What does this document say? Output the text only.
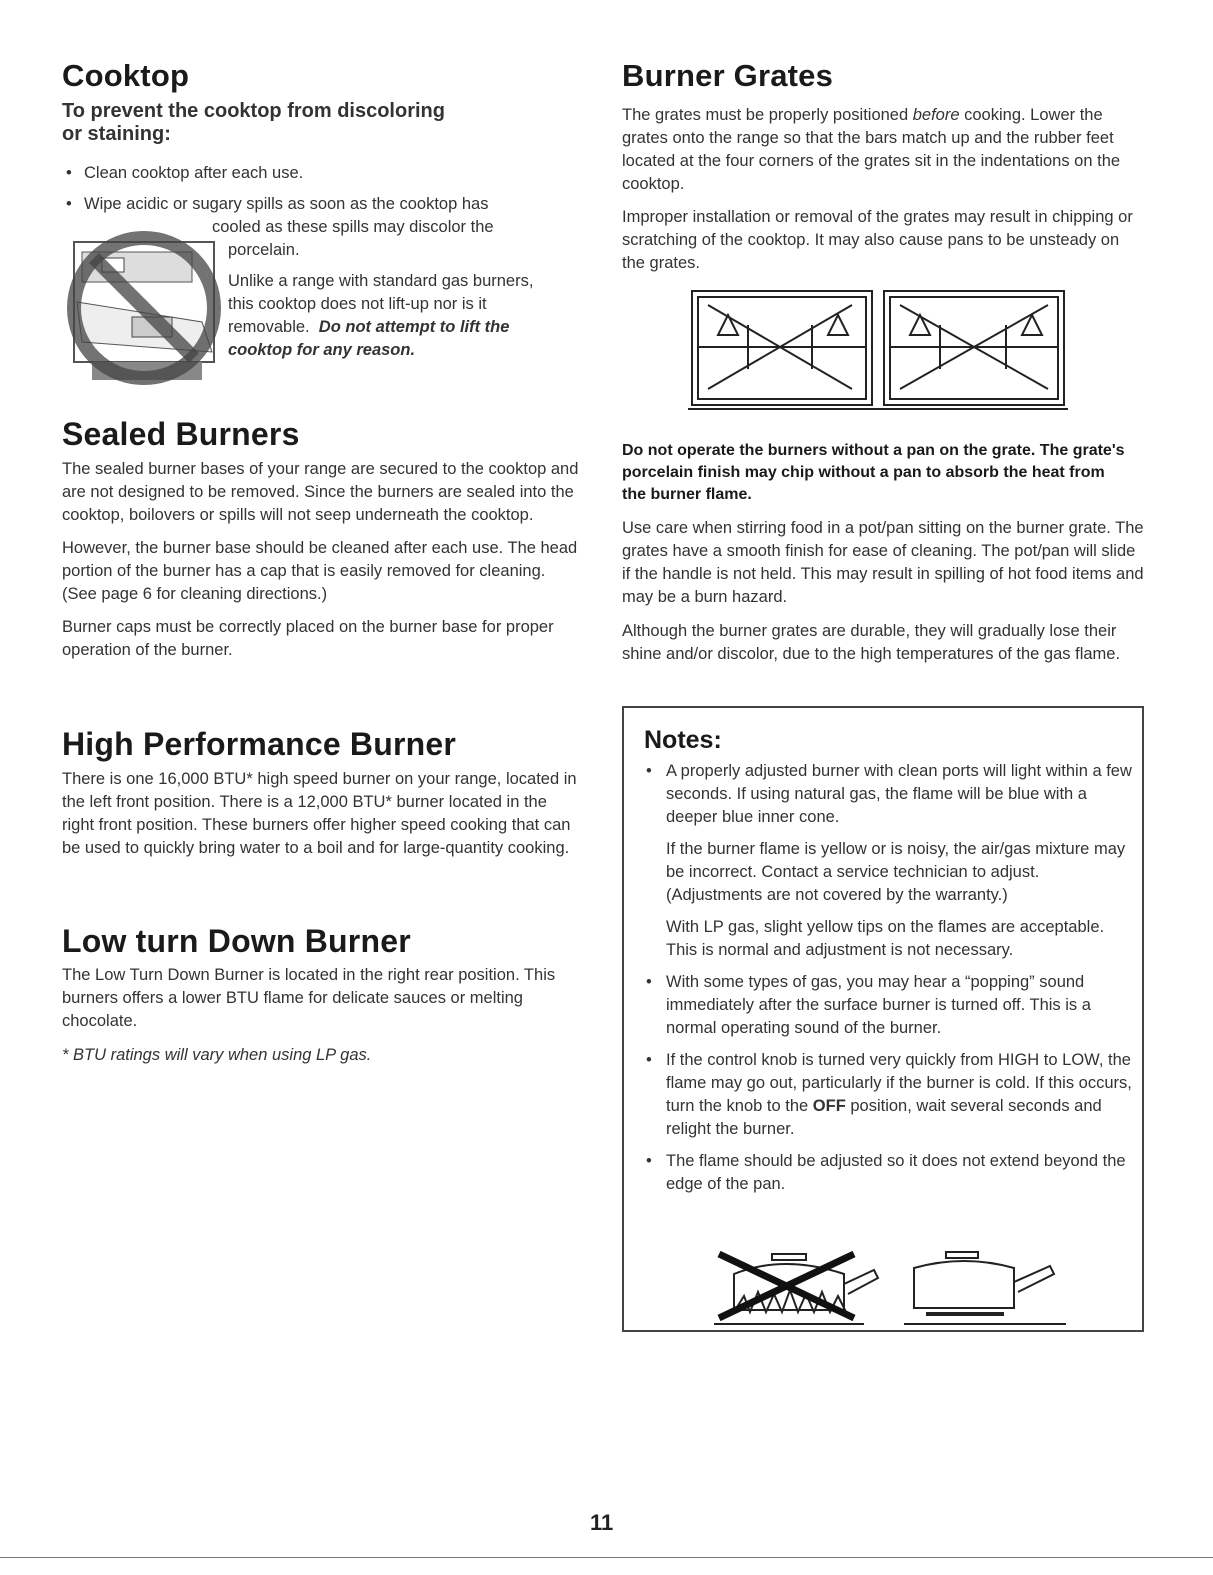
Cooktop

To prevent the cooktop from discoloring
or staining:

• Clean cooktop after each use.

• Wipe acidic or sugary spills as soon as the cooktop has

cooled as these spills may discolor the

porcelain.

Unlike a range with standard gas burners,
this cooktop does not lift-up nor is it
removable. Do not attempt to lift the
cooktop for any reason.

Sealed Burners

The sealed burner bases of your range are secured to the cooktop and are not designed to be removed. Since the burners are sealed into the cooktop, boilovers or spills will not seep underneath the cooktop.

However, the burner base should be cleaned after each use. The head portion of the burner has a cap that is easily removed for cleaning. (See page 6 for cleaning directions.)

Burner caps must be correctly placed on the burner base for proper operation of the burner.

High Performance Burner

There is one 16,000 BTU* high speed burner on your range, located in the left front position. There is a 12,000 BTU* burner located in the right front position. These burners offer higher speed cooking that can be used to quickly bring water to a boil and for large-quantity cooking.

Low turn Down Burner

The Low Turn Down Burner is located in the right rear position. This burners offers a lower BTU flame for delicate sauces or melting chocolate.

* BTU ratings will vary when using LP gas.

Burner Grates

The grates must be properly positioned before cooking. Lower the grates onto the range so that the bars match up and the rubber feet located at the four corners of the grates sit in the indentations on the cooktop.

Improper installation or removal of the grates may result in chipping or scratching of the cooktop. It may also cause pans to be unsteady on the grates.

Do not operate the burners without a pan on the grate. The grate's porcelain finish may chip without a pan to absorb the heat from the burner flame.

Use care when stirring food in a pot/pan sitting on the burner grate. The grates have a smooth finish for ease of cleaning. The pot/pan will slide if the handle is not held. This may result in spilling of hot food items and may be a burn hazard.

Although the burner grates are durable, they will gradually lose their shine and/or discolor, due to the high temperatures of the gas flame.

Notes:

• A properly adjusted burner with clean ports will light within a few seconds. If using natural gas, the flame will be blue with a deeper blue inner cone.

If the burner flame is yellow or is noisy, the air/gas mixture may be incorrect. Contact a service technician to adjust. (Adjustments are not covered by the warranty.)

With LP gas, slight yellow tips on the flames are acceptable. This is normal and adjustment is not necessary.

• With some types of gas, you may hear a “popping” sound immediately after the surface burner is turned off. This is a normal operating sound of the burner.

• If the control knob is turned very quickly from HIGH to LOW, the flame may go out, particularly if the burner is cold. If this occurs, turn the knob to the OFF position, wait several seconds and relight the burner.

• The flame should be adjusted so it does not extend beyond the edge of the pan.

11
